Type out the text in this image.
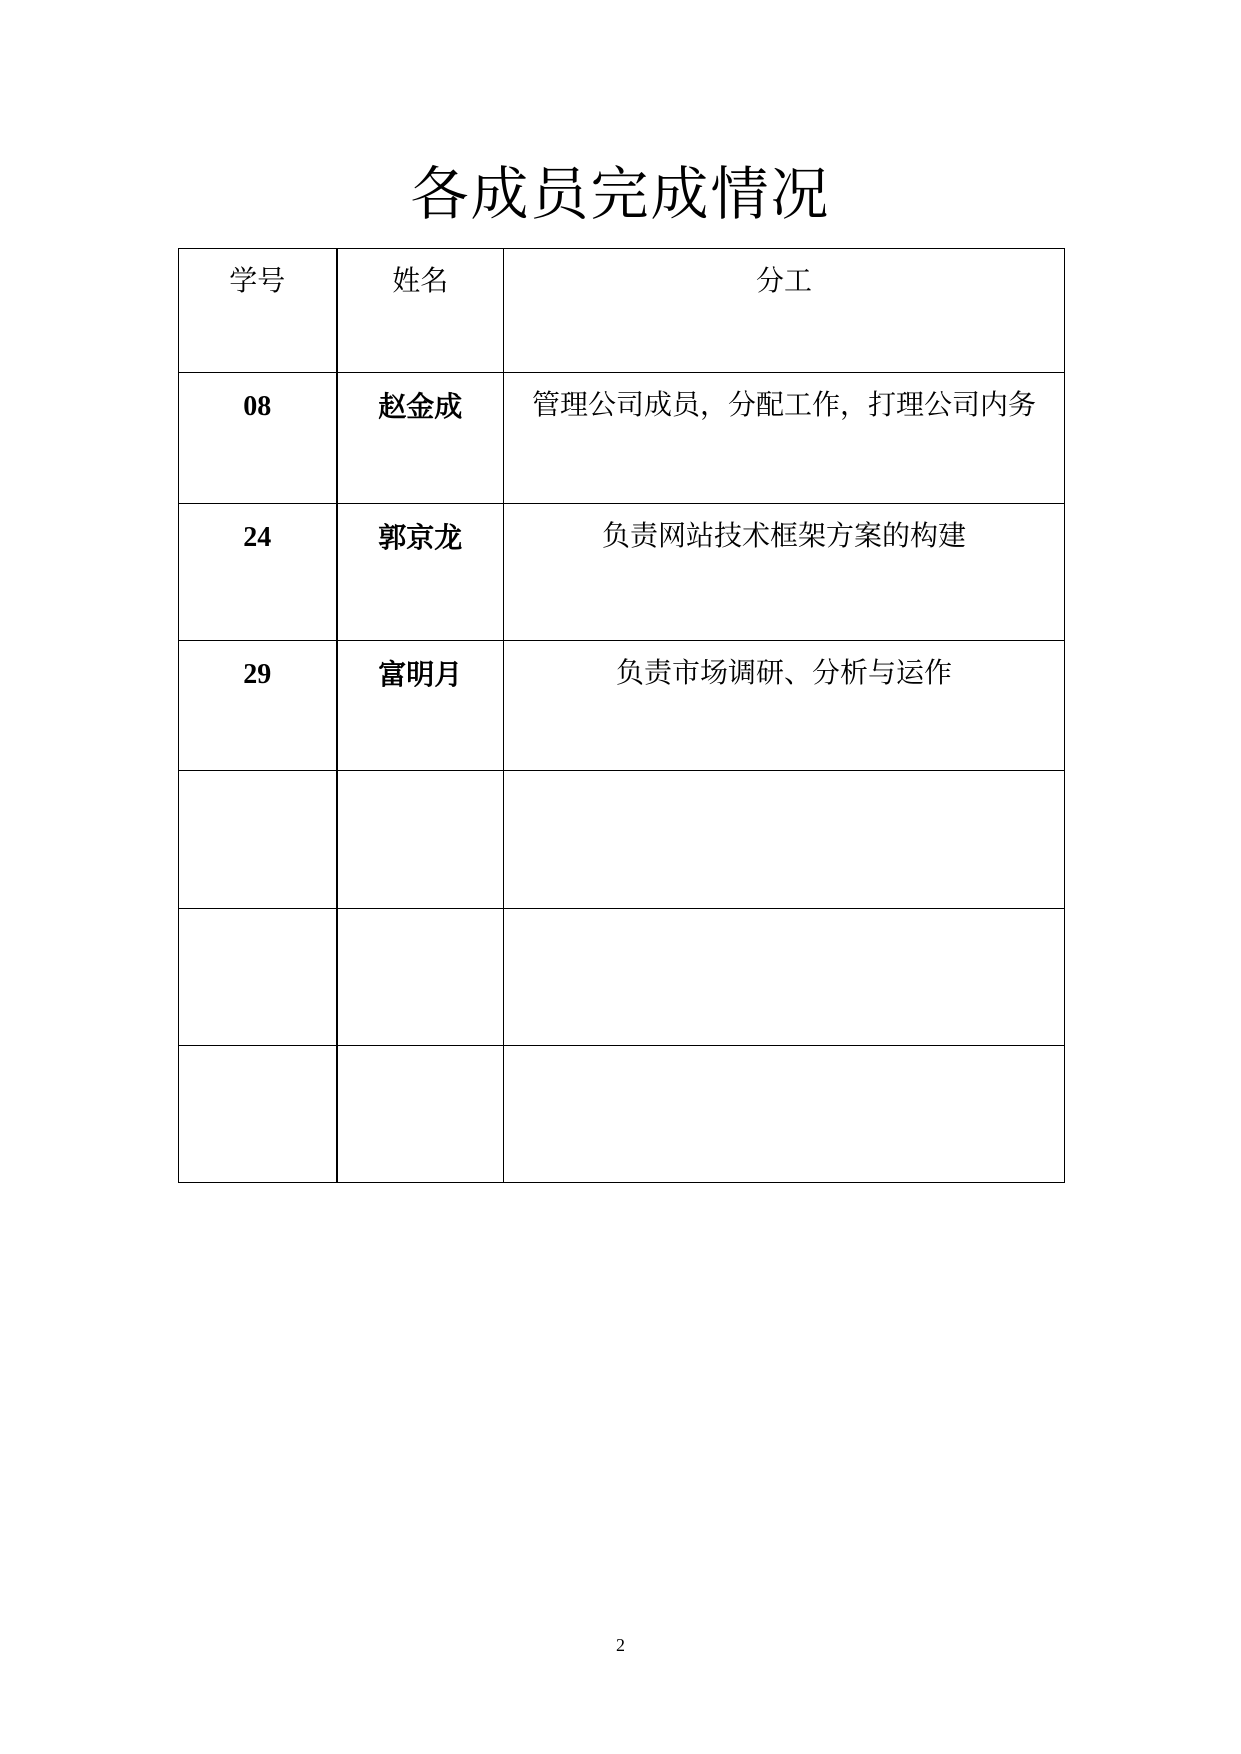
各成员完成情况
学号	姓名	分工

08	赵金成	管理公司成员，分配工作，打理公司内务

24	郭京龙	负责网站技术框架方案的构建

29	富明月	负责市场调研、分析与运作

2
